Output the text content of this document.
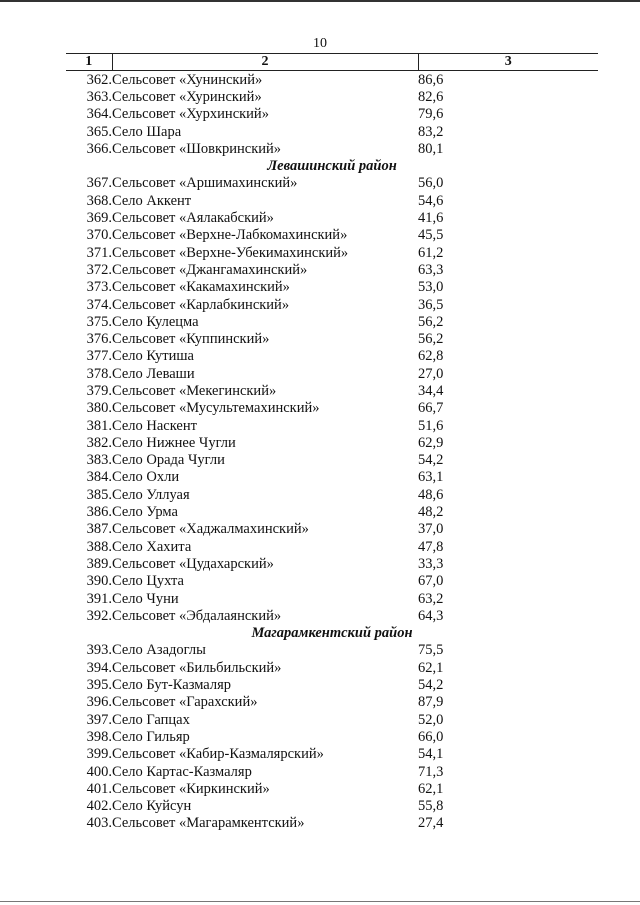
10
1	2	3
362.	Сельсовет «Хунинский»	86,6
363.	Сельсовет «Хуринский»	82,6
364.	Сельсовет «Хурхинский»	79,6
365.	Село Шара	83,2
366.	Сельсовет «Шовкринский»	80,1
Левашинский район		
367.	Сельсовет «Аршимахинский»	56,0
368.	Село Аккент	54,6
369.	Сельсовет «Аялакабский»	41,6
370.	Сельсовет «Верхне-Лабкомахинский»	45,5
371.	Сельсовет «Верхне-Убекимахинский»	61,2
372.	Сельсовет «Джангамахинский»	63,3
373.	Сельсовет «Какамахинский»	53,0
374.	Сельсовет «Карлабкинский»	36,5
375.	Село Кулецма	56,2
376.	Сельсовет «Куппинский»	56,2
377.	Село Кутиша	62,8
378.	Село Леваши	27,0
379.	Сельсовет «Мекегинский»	34,4
380.	Сельсовет «Мусультемахинский»	66,7
381.	Село Наскент	51,6
382.	Село Нижнее Чугли	62,9
383.	Село Орада Чугли	54,2
384.	Село Охли	63,1
385.	Село Уллуая	48,6
386.	Село Урма	48,2
387.	Сельсовет «Хаджалмахинский»	37,0
388.	Село Хахита	47,8
389.	Сельсовет «Цудахарский»	33,3
390.	Село Цухта	67,0
391.	Село Чуни	63,2
392.	Сельсовет «Эбдалаянский»	64,3
Магарамкентский район		
393.	Село Азадоглы	75,5
394.	Сельсовет «Бильбильский»	62,1
395.	Село Бут-Казмаляр	54,2
396.	Сельсовет «Гарахский»	87,9
397.	Село Гапцах	52,0
398.	Село Гильяр	66,0
399.	Сельсовет «Кабир-Казмалярский»	54,1
400.	Село Картас-Казмаляр	71,3
401.	Сельсовет «Киркинский»	62,1
402.	Село Куйсун	55,8
403.	Сельсовет «Магарамкентский»	27,4
